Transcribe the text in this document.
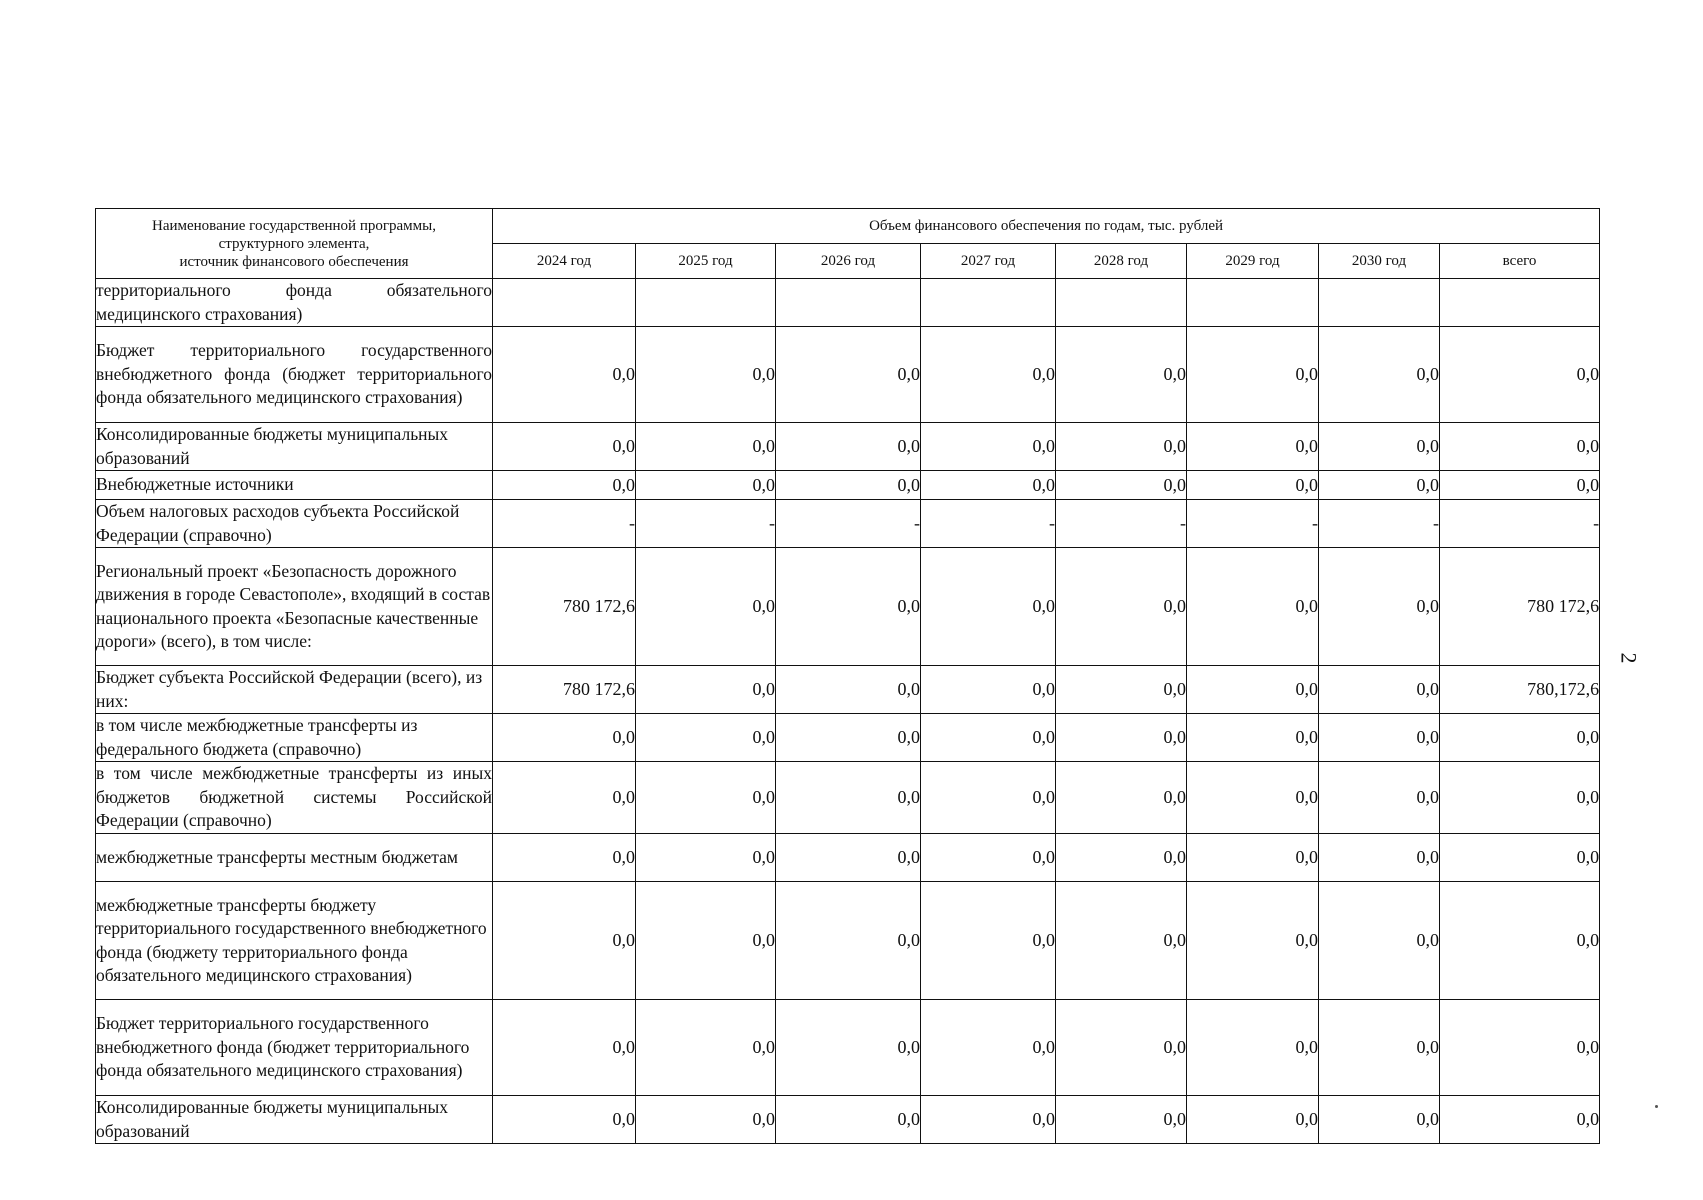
Наименование государственной программы,
структурного элемента,
источник финансового обеспечения	Объем финансового обеспечения по годам, тыс. рублей							
	2024 год	2025 год	2026 год	2027 год	2028 год	2029 год	2030 год	всего
территориального фонда обязательного медицинского страхования)								
Бюджет территориального государственного внебюджетного фонда (бюджет территориального фонда обязательного медицинского страхования)	0,0	0,0	0,0	0,0	0,0	0,0	0,0	0,0
Консолидированные бюджеты муниципальных образований	0,0	0,0	0,0	0,0	0,0	0,0	0,0	0,0
Внебюджетные источники	0,0	0,0	0,0	0,0	0,0	0,0	0,0	0,0
Объем налоговых расходов субъекта Российской Федерации (справочно)	-	-	-	-	-	-	-	-
Региональный проект «Безопасность дорожного движения в городе Севастополе», входящий в состав национального проекта «Безопасные качественные дороги» (всего), в том числе:	780 172,6	0,0	0,0	0,0	0,0	0,0	0,0	780 172,6
Бюджет субъекта Российской Федерации (всего), из них:	780 172,6	0,0	0,0	0,0	0,0	0,0	0,0	780,172,6
в том числе межбюджетные трансферты из федерального бюджета (справочно)	0,0	0,0	0,0	0,0	0,0	0,0	0,0	0,0
в том числе межбюджетные трансферты из иных бюджетов бюджетной системы Российской Федерации (справочно)	0,0	0,0	0,0	0,0	0,0	0,0	0,0	0,0
межбюджетные трансферты местным бюджетам	0,0	0,0	0,0	0,0	0,0	0,0	0,0	0,0
межбюджетные трансферты бюджету территориального государственного внебюджетного фонда (бюджету территориального фонда обязательного медицинского страхования)	0,0	0,0	0,0	0,0	0,0	0,0	0,0	0,0
Бюджет территориального государственного внебюджетного фонда (бюджет территориального фонда обязательного медицинского страхования)	0,0	0,0	0,0	0,0	0,0	0,0	0,0	0,0
Консолидированные бюджеты муниципальных образований	0,0	0,0	0,0	0,0	0,0	0,0	0,0	0,0
2
